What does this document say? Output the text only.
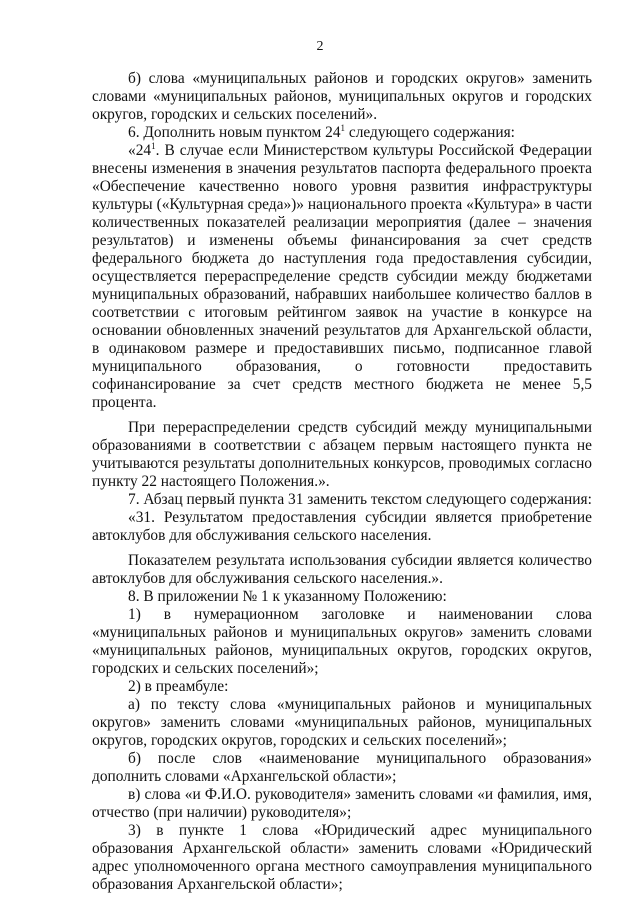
2

б) слова «муниципальных районов и городских округов» заменить словами «муниципальных районов, муниципальных округов и городских округов, городских и сельских поселений».

6. Дополнить новым пунктом $24^1$ следующего содержания:

«$24^1$. В случае если Министерством культуры Российской Федерации внесены изменения в значения результатов паспорта федерального проекта «Обеспечение качественно нового уровня развития инфраструктуры культуры («Культурная среда»)» национального проекта «Культура» в части количественных показателей реализации мероприятия (далее – значения результатов) и изменены объемы финансирования за счет средств федерального бюджета до наступления года предоставления субсидии, осуществляется перераспределение средств субсидии между бюджетами муниципальных образований, набравших наибольшее количество баллов в соответствии с итоговым рейтингом заявок на участие в конкурсе на основании обновленных значений результатов для Архангельской области, в одинаковом размере и предоставивших письмо, подписанное главой муниципального образования, о готовности предоставить софинансирование за счет средств местного бюджета не менее 5,5 процента.

При перераспределении средств субсидий между муниципальными образованиями в соответствии с абзацем первым настоящего пункта не учитываются результаты дополнительных конкурсов, проводимых согласно пункту 22 настоящего Положения.».

7. Абзац первый пункта 31 заменить текстом следующего содержания:

«31. Результатом предоставления субсидии является приобретение автоклубов для обслуживания сельского населения.

Показателем результата использования субсидии является количество автоклубов для обслуживания сельского населения.».

8. В приложении № 1 к указанному Положению:

1) в нумерационном заголовке и наименовании слова «муниципальных районов и муниципальных округов» заменить словами «муниципальных районов, муниципальных округов, городских округов, городских и сельских поселений»;

2) в преамбуле:

а) по тексту слова «муниципальных районов и муниципальных округов» заменить словами «муниципальных районов, муниципальных округов, городских округов, городских и сельских поселений»;

б) после слов «наименование муниципального образования» дополнить словами «Архангельской области»;

в) слова «и Ф.И.О. руководителя» заменить словами «и фамилия, имя, отчество (при наличии) руководителя»;

3) в пункте 1 слова «Юридический адрес муниципального образования Архангельской области» заменить словами «Юридический адрес уполномоченного органа местного самоуправления муниципального образования Архангельской области»;
